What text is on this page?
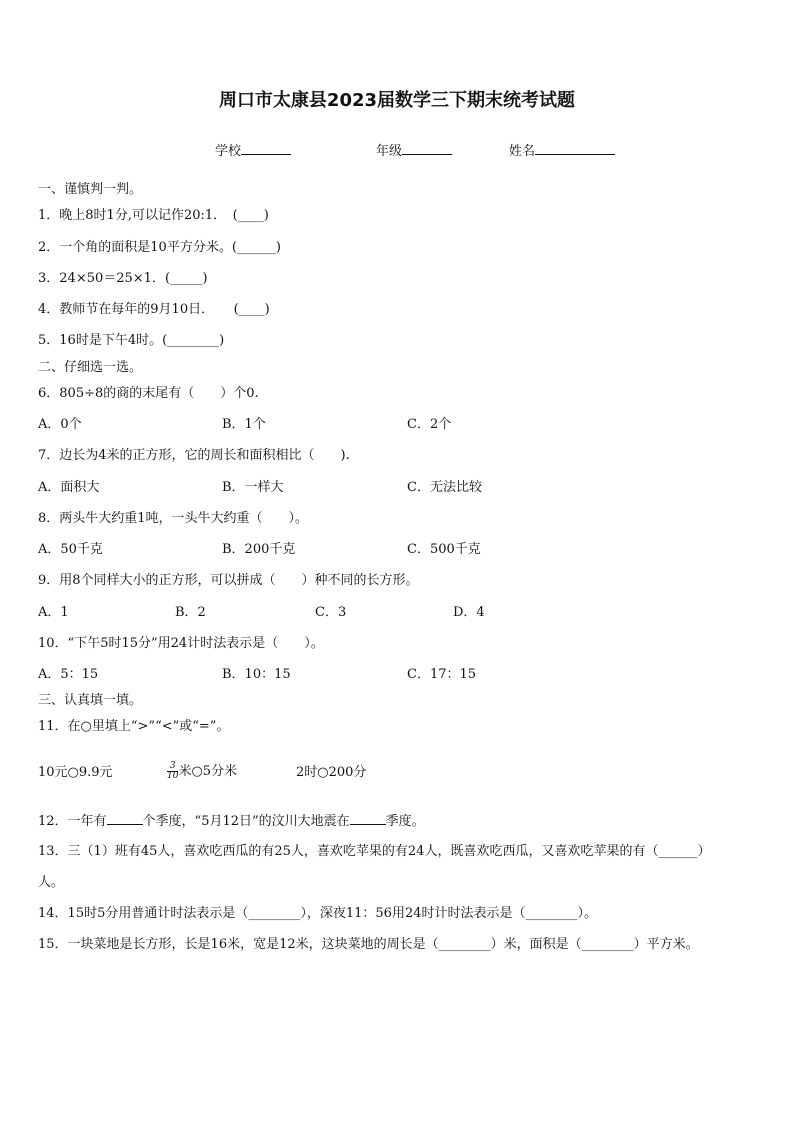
周口市太康县2023届数学三下期末统考试题
学校	年级	姓名
一、谨慎判一判。
1．晚上8时1分,可以记作20:1．　(____)
2．一个角的面积是10平方分米。(______)
3．24×50＝25×1．(_____)
4．教师节在每年的9月10日．　　(____)
5．16时是下午4时。(________)
二、仔细选一选。
6．805÷8的商的末尾有（　　）个0.
A．0个	B．1个	C．2个
7．边长为4米的正方形，它的周长和面积相比（　　).
A．面积大	B．一样大	C．无法比较
8．两头牛大约重1吨，一头牛大约重（　　）。
A．50千克	B．200千克	C．500千克
9．用8个同样大小的正方形，可以拼成（　　）种不同的长方形。
A．1	B．2	C．3	D．4
10．“下午5时15分”用24计时法表示是（　　）。
A．5：15	B．10：15	C．17：15
三、认真填一填。
11．在○里填上“>”“<”或“=”。
10元○9.9元	$\frac{3}{10}$ 米○5分米	2时○200分
12．一年有	个季度，“5月12日”的汶川大地震在	季度。
13．三（1）班有45人，喜欢吃西瓜的有25人，喜欢吃苹果的有24人，既喜欢吃西瓜，又喜欢吃苹果的有（______）
人。
14．15时5分用普通计时法表示是（________），深夜11：56用24时计时法表示是（________）。
15．一块菜地是长方形，长是16米，宽是12米，这块菜地的周长是（________）米，面积是（________）平方米。
